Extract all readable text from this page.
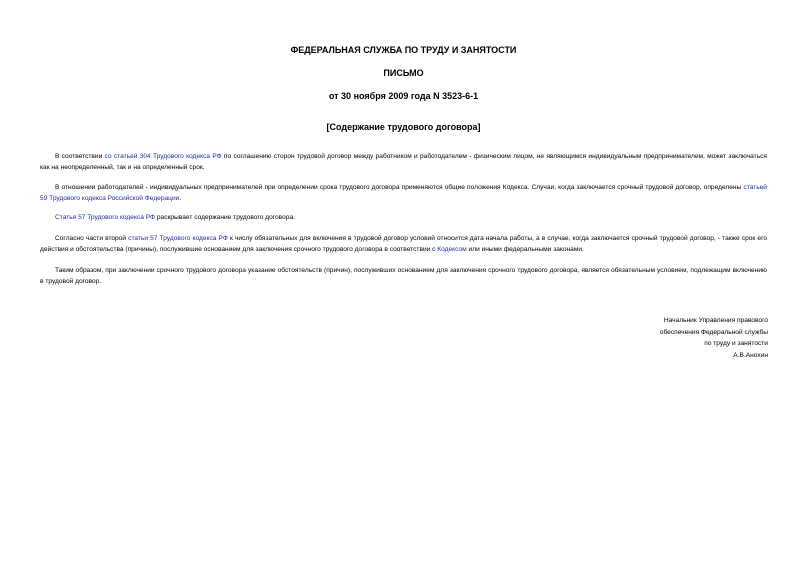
ФЕДЕРАЛЬНАЯ СЛУЖБА ПО ТРУДУ И ЗАНЯТОСТИ
ПИСЬМО
от 30 ноября 2009 года N 3523-6-1
[Содержание трудового договора]

В соответствии со статьей 304 Трудового кодекса РФ по соглашению сторон трудовой договор между работником и работодателем - физическим лицом, не являющимся индивидуальным предпринимателем, может заключаться как на неопределенный, так и на определенный срок.

В отношении работодателей - индивидуальных предпринимателей при определении срока трудового договора применяются общие положения Кодекса. Случаи, когда заключается срочный трудовой договор, определены статьей 59 Трудового кодекса Российской Федерации.

Статья 57 Трудового кодекса РФ раскрывает содержание трудового договора.

Согласно части второй статьи 57 Трудового кодекса РФ к числу обязательных для включения в трудовой договор условий относится дата начала работы, а в случае, когда заключается срочный трудовой договор, - также срок его действия и обстоятельства (причины), послужившие основанием для заключения срочного трудового договора в соответствии с Кодексом или иными федеральными законами.

Таким образом, при заключении срочного трудового договора указание обстоятельств (причин), послуживших основанием для заключения срочного трудового договора, является обязательным условием, подлежащим включению в трудовой договор.

Начальник Управления правового
обеспечения Федеральной службы
по труду и занятости
А.В.Анохин
